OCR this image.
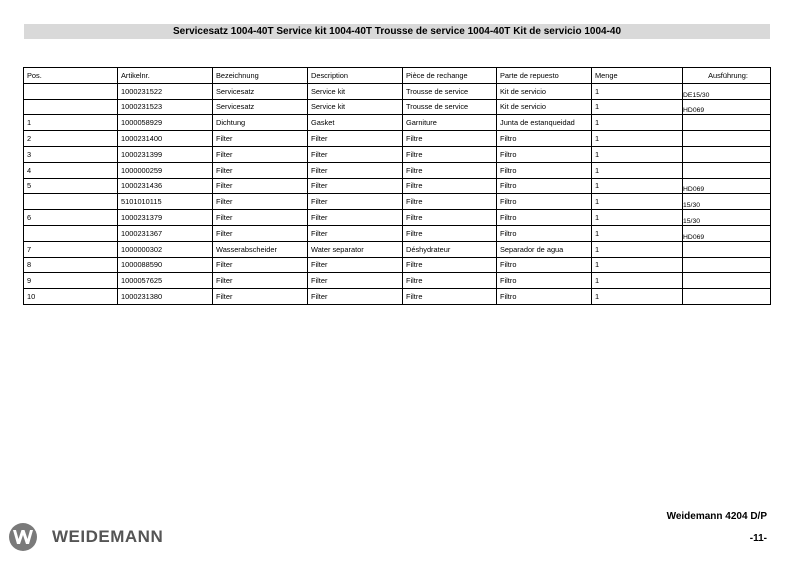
Servicesatz 1004-40T Service kit 1004-40T Trousse de service 1004-40T Kit de servicio 1004-40
Pos.	Artikelnr.	Bezeichnung	Description	Pièce de rechange	Parte de repuesto	Menge	Ausführung:
	1000231522	Servicesatz	Service kit	Trousse de service	Kit de servicio	1	DE15/30
	1000231523	Servicesatz	Service kit	Trousse de service	Kit de servicio	1	HD069
1	1000058929	Dichtung	Gasket	Garniture	Junta de estanqueidad	1	
2	1000231400	Filter	Filter	Filtre	Filtro	1	
3	1000231399	Filter	Filter	Filtre	Filtro	1	
4	1000000259	Filter	Filter	Filtre	Filtro	1	
5	1000231436	Filter	Filter	Filtre	Filtro	1	HD069
	5101010115	Filter	Filter	Filtre	Filtro	1	15/30
6	1000231379	Filter	Filter	Filtre	Filtro	1	15/30
	1000231367	Filter	Filter	Filtre	Filtro	1	HD069
7	1000000302	Wasserabscheider	Water separator	Déshydrateur	Separador de agua	1	
8	1000088590	Filter	Filter	Filtre	Filtro	1	
9	1000057625	Filter	Filter	Filtre	Filtro	1	
10	1000231380	Filter	Filter	Filtre	Filtro	1	
WEIDEMANN
Weidemann 4204 D/P
-11-
